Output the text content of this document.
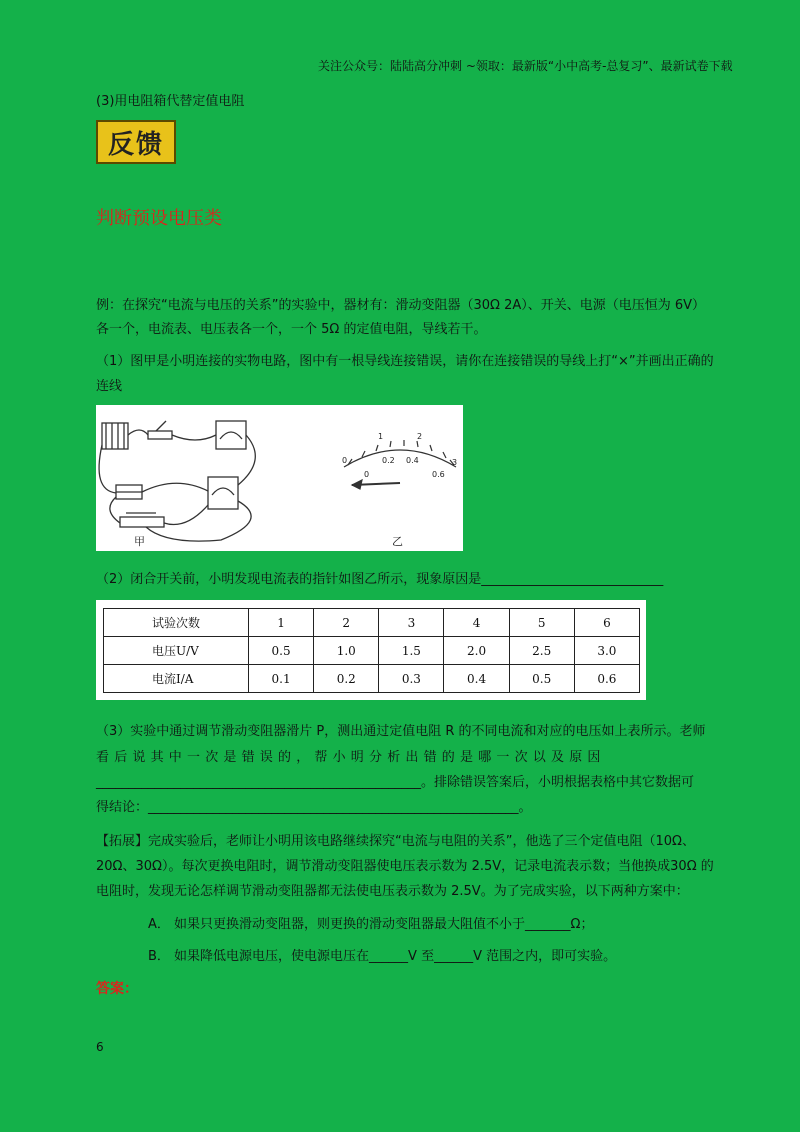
关注公众号：陆陆高分冲刺 ~领取：最新版“小中高考-总复习”、最新试卷下载
(3)用电阻箱代替定值电阻
反馈
判断预设电压类
例：在探究“电流与电压的关系”的实验中，器材有：滑动变阻器（30Ω 2A）、开关、电源（电压恒为 6V）
各一个，电流表、电压表各一个，一个 5Ω 的定值电阻，导线若干。
（1）图甲是小明连接的实物电路，图中有一根导线连接错误，请你在连接错误的导线上打“×”并画出正确的
连线
甲
0
1	2
3
0
0.2 0.4
0.6
乙
（2）闭合开关前，小明发现电流表的指针如图乙所示，现象原因是____________________________
试验次数	1	2	3	4	5	6
电压U/V	0.5	1.0	1.5	2.0	2.5	3.0
电流I/A	0.1	0.2	0.3	0.4	0.5	0.6
（3）实验中通过调节滑动变阻器滑片 P，测出通过定值电阻 R 的不同电流和对应的电压如上表所示。老师
看后说其中一次是错误的，帮小明分析出错的是哪一次以及原因
__________________________________________________。排除错误答案后，小明根据表格中其它数据可
得结论：_________________________________________________________。
【拓展】完成实验后，老师让小明用该电路继续探究“电流与电阻的关系”，他选了三个定值电阻（10Ω、
20Ω、30Ω）。每次更换电阻时，调节滑动变阻器使电压表示数为 2.5V，记录电流表示数；当他换成30Ω 的
电阻时，发现无论怎样调节滑动变阻器都无法使电压表示数为 2.5V。为了完成实验，以下两种方案中：
A． 如果只更换滑动变阻器，则更换的滑动变阻器最大阻值不小于_______Ω；
B． 如果降低电源电压，使电源电压在______V 至______V 范围之内，即可实验。
答案：
6
